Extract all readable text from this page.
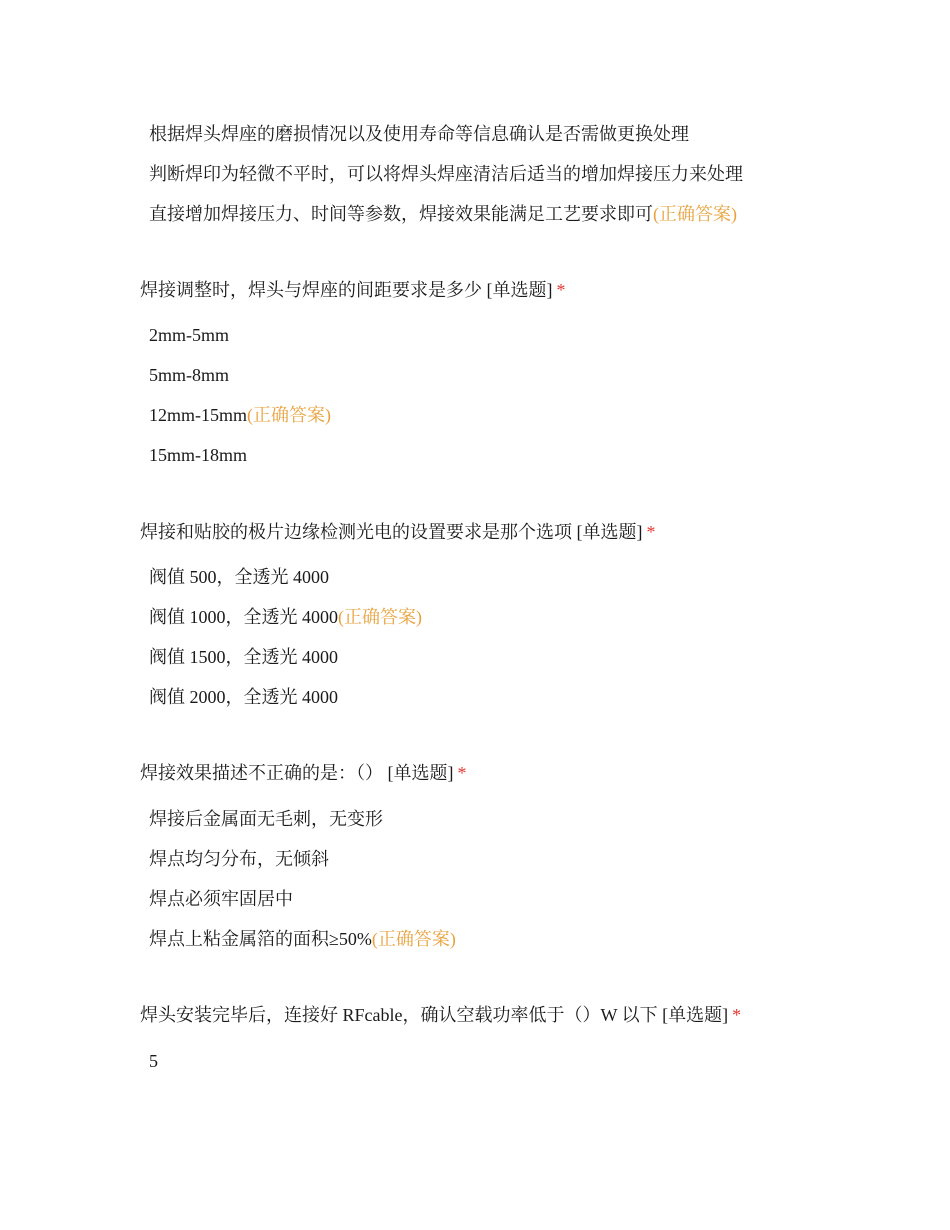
根据焊头焊座的磨损情况以及使用寿命等信息确认是否需做更换处理
判断焊印为轻微不平时，可以将焊头焊座清洁后适当的增加焊接压力来处理
直接增加焊接压力、时间等参数，焊接效果能满足工艺要求即可(正确答案)
焊接调整时，焊头与焊座的间距要求是多少 [单选题] *
2mm-5mm
5mm-8mm
12mm-15mm(正确答案)
15mm-18mm
焊接和贴胶的极片边缘检测光电的设置要求是那个选项 [单选题] *
阀值 500，全透光 4000
阀值 1000，全透光 4000(正确答案)
阀值 1500，全透光 4000
阀值 2000，全透光 4000
焊接效果描述不正确的是：（） [单选题] *
焊接后金属面无毛刺，无变形
焊点均匀分布，无倾斜
焊点必须牢固居中
焊点上粘金属箔的面积≥50%(正确答案)
焊头安装完毕后，连接好 RFcable，确认空载功率低于（）W 以下 [单选题] *
5
